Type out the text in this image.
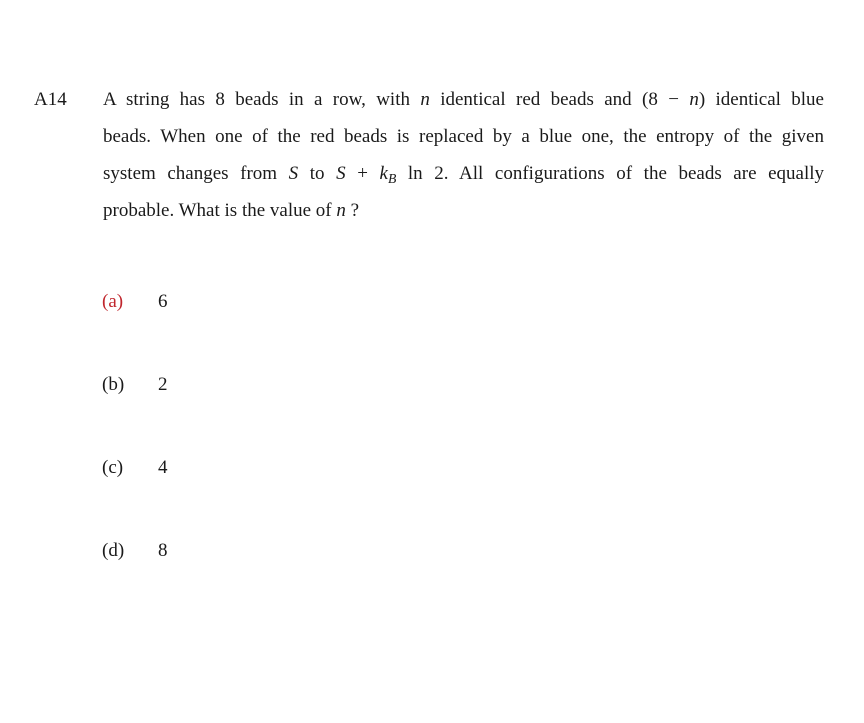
A14 A string has 8 beads in a row, with n identical red beads and (8 − n) identical blue
beads. When one of the red beads is replaced by a blue one, the entropy of the given
system changes from S to $S + k_B$ ln 2. All configurations of the beads are equally
probable. What is the value of n ?
(a) 6
(b) 2
(c) 4
(d) 8
